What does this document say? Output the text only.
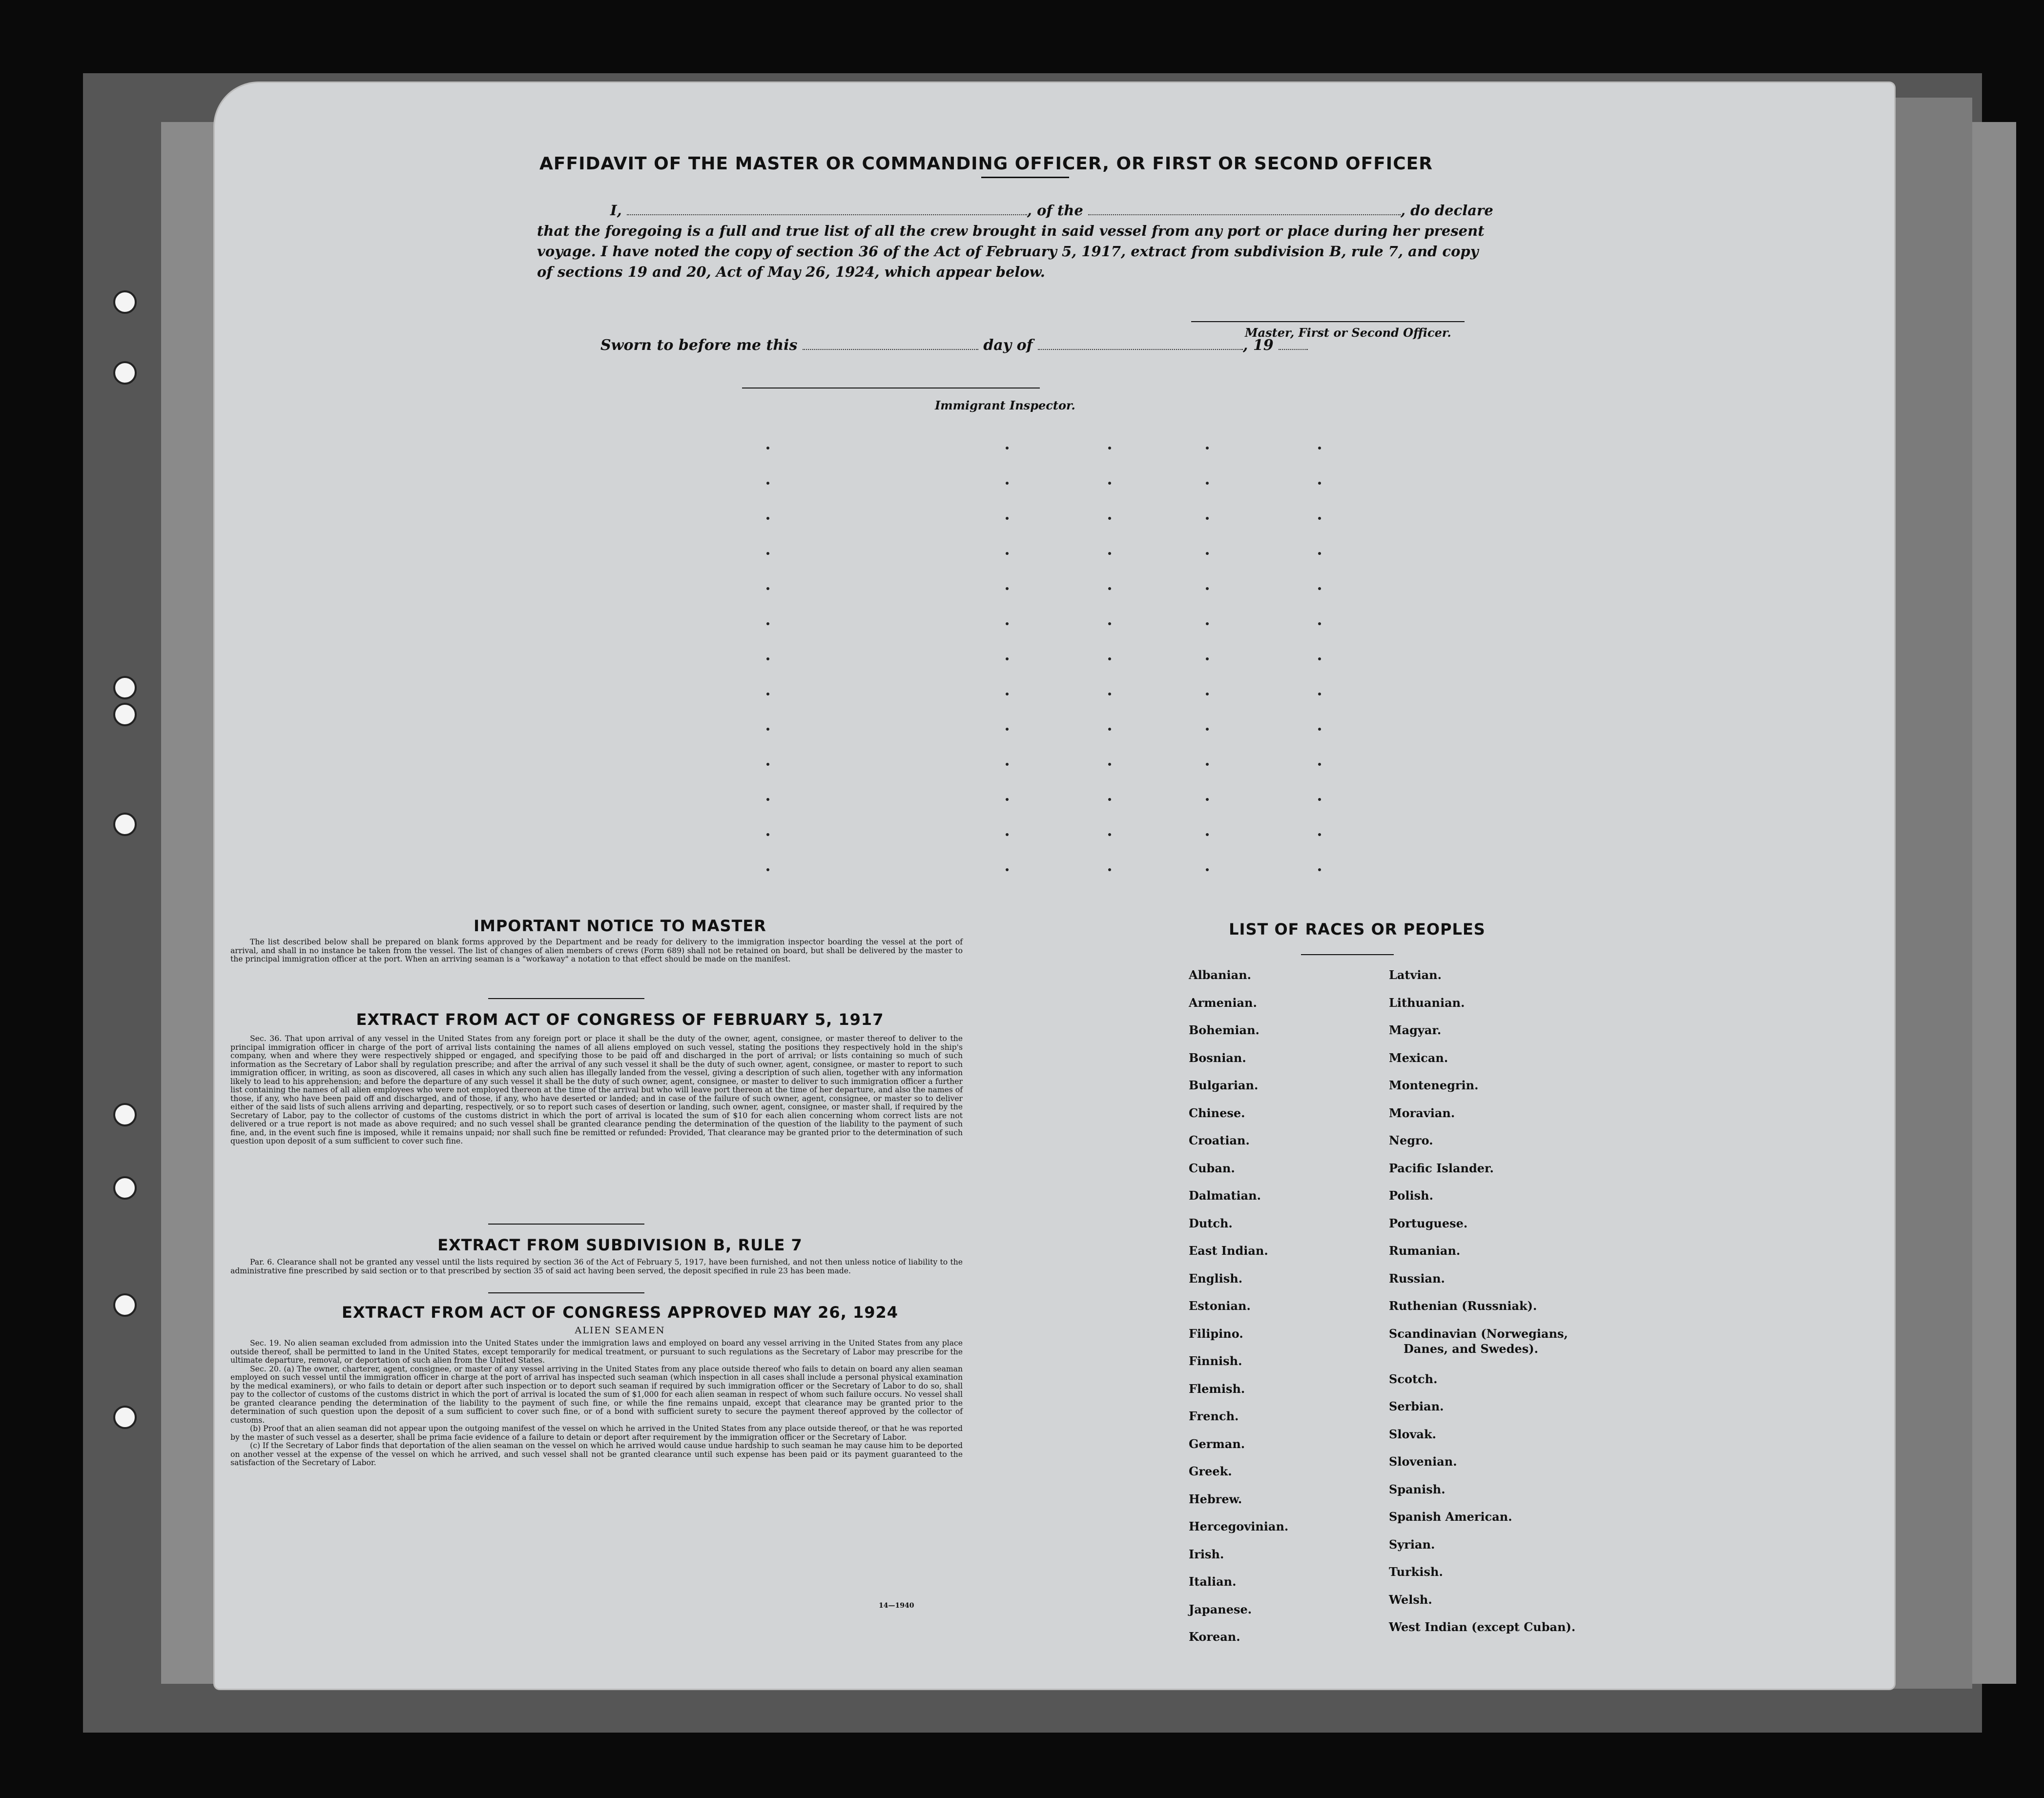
AFFIDAVIT OF THE MASTER OR COMMANDING OFFICER, OR FIRST OR SECOND OFFICER
I,	, of the	, do declare
that the foregoing is a full and true list of all the crew brought in said vessel from any port or place during her present
voyage. I have noted the copy of section 36 of the Act of February 5, 1917, extract from subdivision B, rule 7, and copy
of sections 19 and 20, Act of May 26, 1924, which appear below.
Master, First or Second Officer.
Sworn to before me this	day of	, 19
Immigrant Inspector.
IMPORTANT NOTICE TO MASTER

The list described below shall be prepared on blank forms approved by the Department and be ready for delivery to the immigration inspector boarding the vessel at the port of arrival, and shall in no instance be taken from the vessel. The list of changes of alien members of crews (Form 689) shall not be retained on board, but shall be delivered by the master to the principal immigration officer at the port. When an arriving seaman is a "workaway" a notation to that effect should be made on the manifest.

EXTRACT FROM ACT OF CONGRESS OF FEBRUARY 5, 1917

Sec. 36. That upon arrival of any vessel in the United States from any foreign port or place it shall be the duty of the owner, agent, consignee, or master thereof to deliver to the principal immigration officer in charge of the port of arrival lists containing the names of all aliens employed on such vessel, stating the positions they respectively hold in the ship's company, when and where they were respectively shipped or engaged, and specifying those to be paid off and discharged in the port of arrival; or lists containing so much of such information as the Secretary of Labor shall by regulation prescribe; and after the arrival of any such vessel it shall be the duty of such owner, agent, consignee, or master to report to such immigration officer, in writing, as soon as discovered, all cases in which any such alien has illegally landed from the vessel, giving a description of such alien, together with any information likely to lead to his apprehension; and before the departure of any such vessel it shall be the duty of such owner, agent, consignee, or master to deliver to such immigration officer a further list containing the names of all alien employees who were not employed thereon at the time of the arrival but who will leave port thereon at the time of her departure, and also the names of those, if any, who have been paid off and discharged, and of those, if any, who have deserted or landed; and in case of the failure of such owner, agent, consignee, or master so to deliver either of the said lists of such aliens arriving and departing, respectively, or so to report such cases of desertion or landing, such owner, agent, consignee, or master shall, if required by the Secretary of Labor, pay to the collector of customs of the customs district in which the port of arrival is located the sum of $10 for each alien concerning whom correct lists are not delivered or a true report is not made as above required; and no such vessel shall be granted clearance pending the determination of the question of the liability to the payment of such fine, and, in the event such fine is imposed, while it remains unpaid; nor shall such fine be remitted or refunded: Provided, That clearance may be granted prior to the determination of such question upon deposit of a sum sufficient to cover such fine.

EXTRACT FROM SUBDIVISION B, RULE 7

Par. 6. Clearance shall not be granted any vessel until the lists required by section 36 of the Act of February 5, 1917, have been furnished, and not then unless notice of liability to the administrative fine prescribed by said section or to that prescribed by section 35 of said act having been served, the deposit specified in rule 23 has been made.

EXTRACT FROM ACT OF CONGRESS APPROVED MAY 26, 1924
ALIEN SEAMEN

Sec. 19. No alien seaman excluded from admission into the United States under the immigration laws and employed on board any vessel arriving in the United States from any place outside thereof, shall be permitted to land in the United States, except temporarily for medical treatment, or pursuant to such regulations as the Secretary of Labor may prescribe for the ultimate departure, removal, or deportation of such alien from the United States.

Sec. 20. (a) The owner, charterer, agent, consignee, or master of any vessel arriving in the United States from any place outside thereof who fails to detain on board any alien seaman employed on such vessel until the immigration officer in charge at the port of arrival has inspected such seaman (which inspection in all cases shall include a personal physical examination by the medical examiners), or who fails to detain or deport after such inspection or to deport such seaman if required by such immigration officer or the Secretary of Labor to do so, shall pay to the collector of customs of the customs district in which the port of arrival is located the sum of $1,000 for each alien seaman in respect of whom such failure occurs. No vessel shall be granted clearance pending the determination of the liability to the payment of such fine, or while the fine remains unpaid, except that clearance may be granted prior to the determination of such question upon the deposit of a sum sufficient to cover such fine, or of a bond with sufficient surety to secure the payment thereof approved by the collector of customs.

(b) Proof that an alien seaman did not appear upon the outgoing manifest of the vessel on which he arrived in the United States from any place outside thereof, or that he was reported by the master of such vessel as a deserter, shall be prima facie evidence of a failure to detain or deport after requirement by the immigration officer or the Secretary of Labor.

(c) If the Secretary of Labor finds that deportation of the alien seaman on the vessel on which he arrived would cause undue hardship to such seaman he may cause him to be deported on another vessel at the expense of the vessel on which he arrived, and such vessel shall not be granted clearance until such expense has been paid or its payment guaranteed to the satisfaction of the Secretary of Labor.

14—1940
LIST OF RACES OR PEOPLES
Albanian.
Armenian.
Bohemian.
Bosnian.
Bulgarian.
Chinese.
Croatian.
Cuban.
Dalmatian.
Dutch.
East Indian.
English.
Estonian.
Filipino.
Finnish.
Flemish.
French.
German.
Greek.
Hebrew.
Hercegovinian.
Irish.
Italian.
Japanese.
Korean.
Latvian.
Lithuanian.
Magyar.
Mexican.
Montenegrin.
Moravian.
Negro.
Pacific Islander.
Polish.
Portuguese.
Rumanian.
Russian.
Ruthenian (Russniak).
Scandinavian (Norwegians,
Danes, and Swedes).
Scotch.
Serbian.
Slovak.
Slovenian.
Spanish.
Spanish American.
Syrian.
Turkish.
Welsh.
West Indian (except Cuban).
